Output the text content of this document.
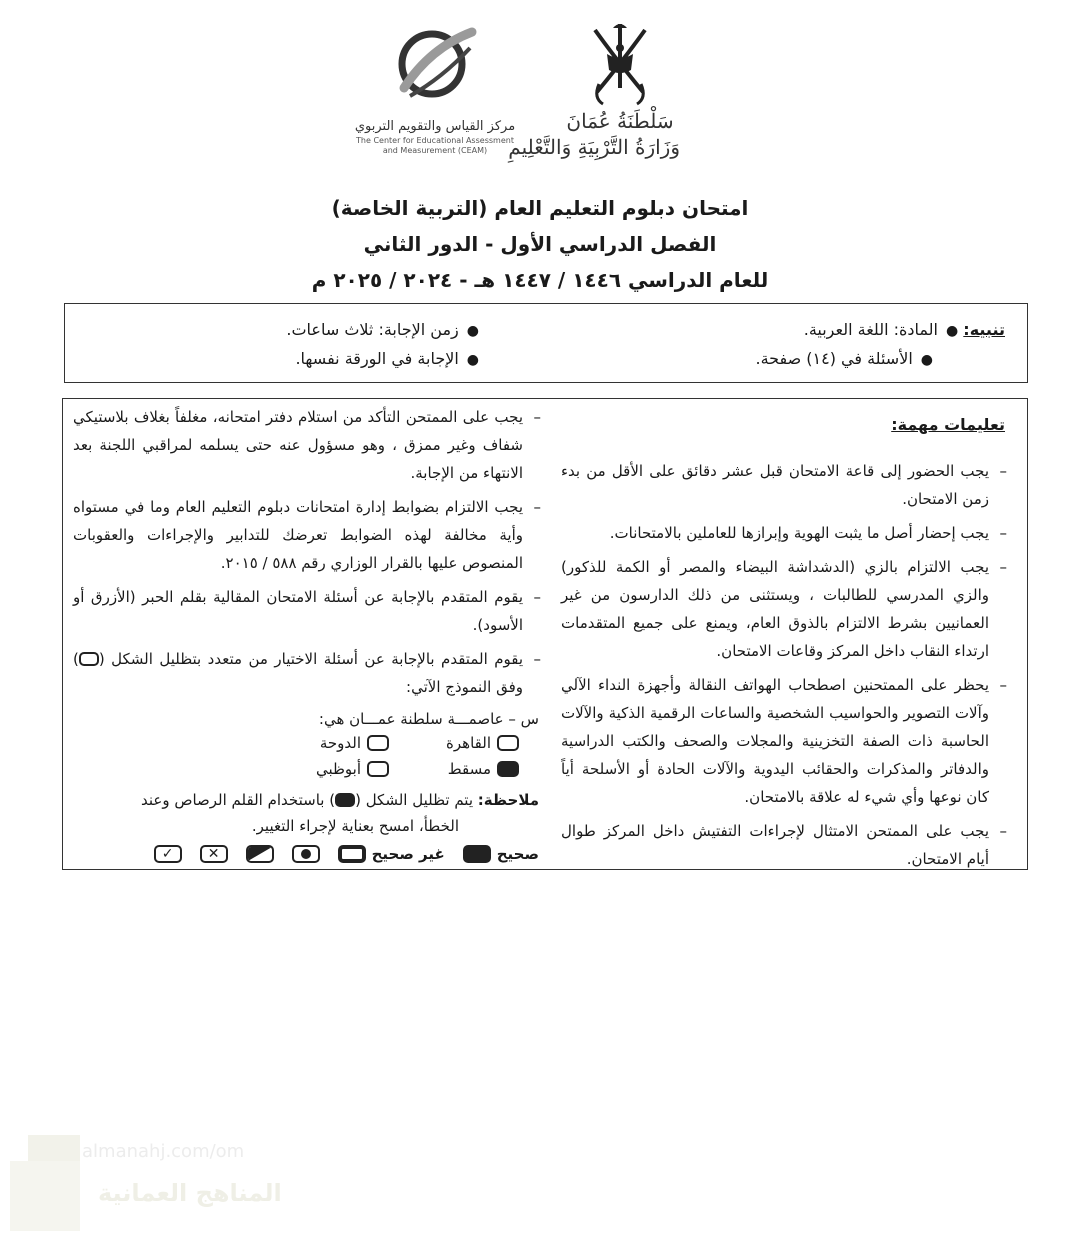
سَلْطَنَةُ عُمَانَ
وَزَارَةُ التَّرْبِيَةِ وَالتَّعْلِيمِ
مركز القياس والتقويم التربوي
The Center for Educational Assessment
and Measurement (CEAM)
امتحان دبلوم التعليم العام (التربية الخاصة)
الفصل الدراسي الأول - الدور الثاني
للعام الدراسي ١٤٤٦ / ١٤٤٧ هـ - ٢٠٢٤ / ٢٠٢٥ م
تنبيه: ●المادة: اللغة العربية.
●الأسئلة في (١٤) صفحة.
●زمن الإجابة: ثلاث ساعات.
●الإجابة في الورقة نفسها.
تعليمات مهمة:
– يجب الحضور إلى قاعة الامتحان قبل عشر دقائق على الأقل من بدء زمن الامتحان.
– يجب إحضار أصل ما يثبت الهوية وإبرازها للعاملين بالامتحانات.
– يجب الالتزام بالزي (الدشداشة البيضاء والمصر أو الكمة للذكور) والزي المدرسي للطالبات ، ويستثنى من ذلك الدارسون من غير العمانيين بشرط الالتزام بالذوق العام، ويمنع على جميع المتقدمات ارتداء النقاب داخل المركز وقاعات الامتحان.
– يحظر على الممتحنين اصطحاب الهواتف النقالة وأجهزة النداء الآلي وآلات التصوير والحواسيب الشخصية والساعات الرقمية الذكية والآلات الحاسبة ذات الصفة التخزينية والمجلات والصحف والكتب الدراسية والدفاتر والمذكرات والحقائب اليدوية والآلات الحادة أو الأسلحة أياً كان نوعها وأي شيء له علاقة بالامتحان.
– يجب على الممتحن الامتثال لإجراءات التفتيش داخل المركز طوال أيام الامتحان.
– يجب على الممتحن التأكد من استلام دفتر امتحانه، مغلفاً بغلاف بلاستيكي شفاف وغير ممزق ، وهو مسؤول عنه حتى يسلمه لمراقبي اللجنة بعد الانتهاء من الإجابة.
– يجب الالتزام بضوابط إدارة امتحانات دبلوم التعليم العام وما في مستواه وأية مخالفة لهذه الضوابط تعرضك للتدابير والإجراءات والعقوبات المنصوص عليها بالقرار الوزاري رقم ٥٨٨ / ٢٠١٥.
– يقوم المتقدم بالإجابة عن أسئلة الامتحان المقالية بقلم الحبر (الأزرق أو الأسود).
– يقوم المتقدم بالإجابة عن أسئلة الاختيار من متعدد بتظليل الشكل () وفق النموذج الآتي:
س – عاصمـــة سلطنة عمـــان هي:
القاهرة
الدوحة
مسقط
أبوظبي
ملاحظة: يتم تظليل الشكل () باستخدام القلم الرصاص وعند
الخطأ، امسح بعناية لإجراء التغيير.
صحيح
غير صحيح
✕
✓
almanahj.com/om
المناهج العمانية
